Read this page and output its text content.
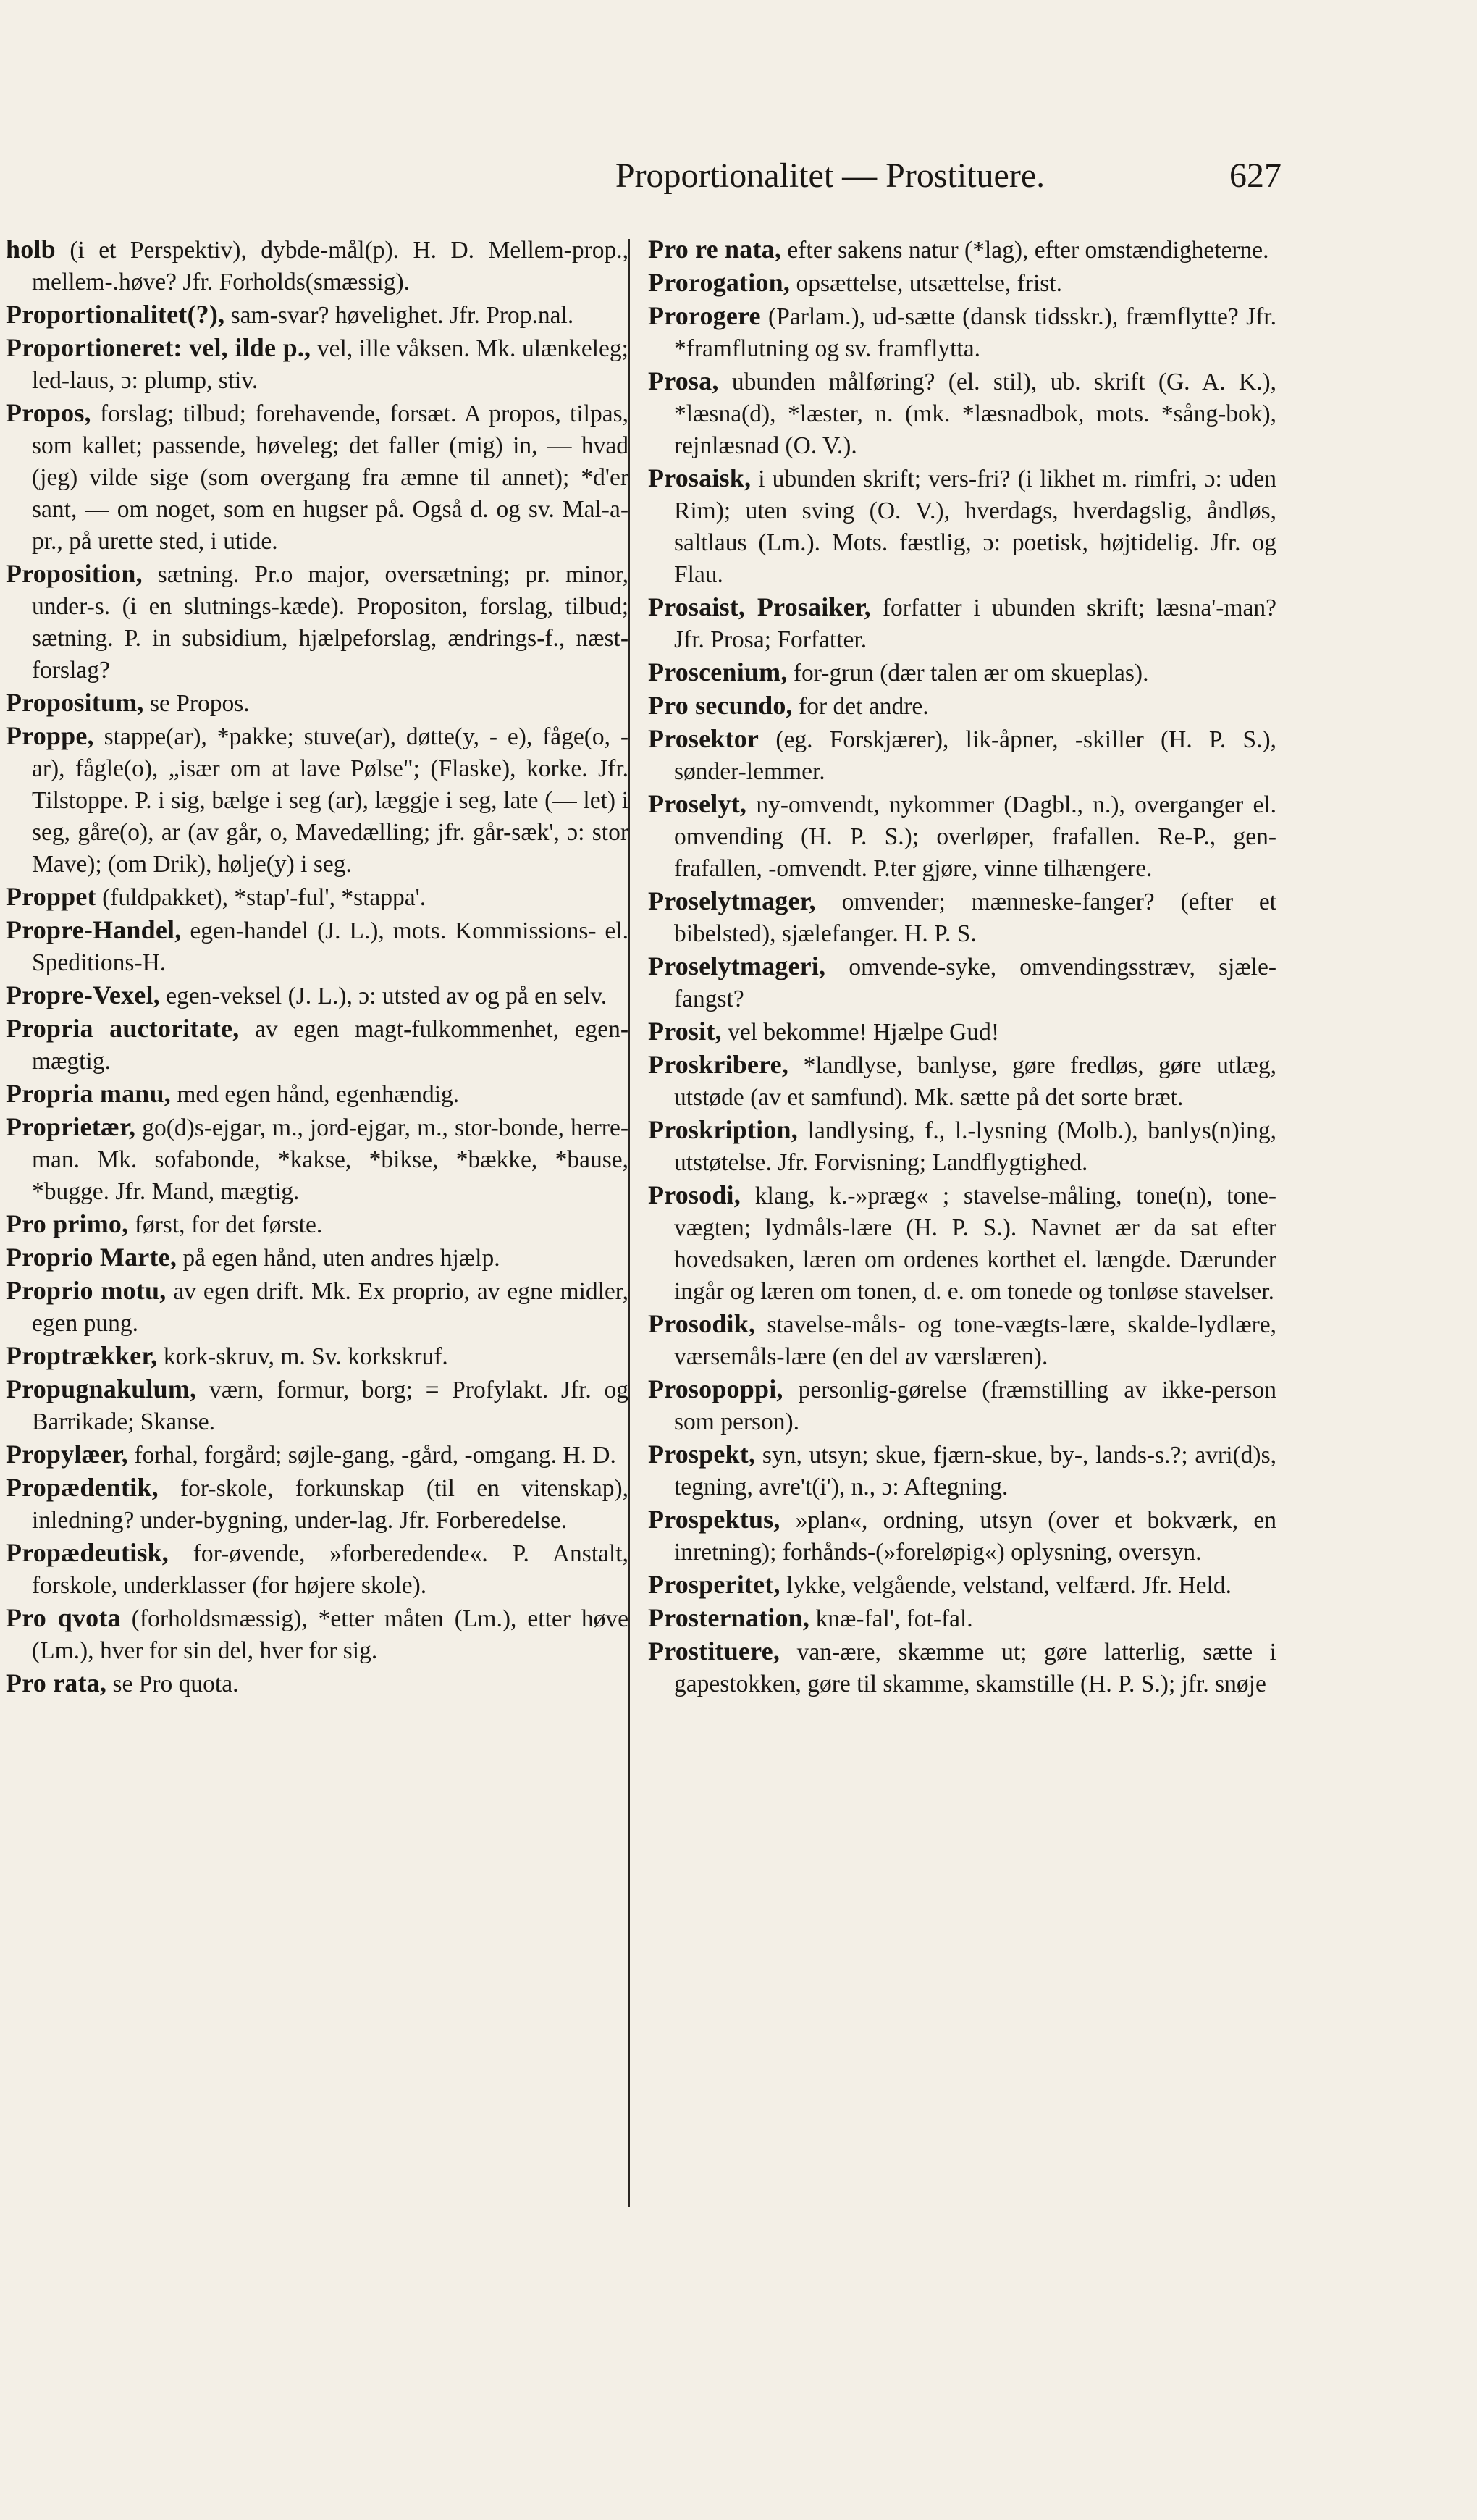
Proportionalitet — Prostituere.	627
holb (i et Perspektiv), dybde-mål(p). H. D. Mellem-prop., mellem-.høve? Jfr. Forholds(smæssig).
Proportionalitet(?), sam-svar? høvelighet. Jfr. Prop.nal.
Proportioneret: vel, ilde p., vel, ille våksen. Mk. ulænkeleg; led-laus, ɔ: plump, stiv.
Propos, forslag; tilbud; forehavende, forsæt. A propos, tilpas, som kallet; passende, høveleg; det faller (mig) in, — hvad (jeg) vilde sige (som overgang fra æmne til annet); *d'er sant, — om noget, som en hugser på. Også d. og sv. Mal-a-pr., på urette sted, i utide.
Proposition, sætning. Pr.o major, oversætning; pr. minor, under-s. (i en slutnings-kæde). Propositon, forslag, tilbud; sætning. P. in subsidium, hjælpeforslag, ændrings-f., næst-forslag?
Propositum, se Propos.
Proppe, stappe(ar), *pakke; stuve(ar), døtte(y, - e), fåge(o, - ar), fågle(o), „især om at lave Pølse"; (Flaske), korke. Jfr. Tilstoppe. P. i sig, bælge i seg (ar), læggje i seg, late (— let) i seg, gåre(o), ar (av går, o, Mavedælling; jfr. går-sæk', ɔ: stor Mave); (om Drik), hølje(y) i seg.
Proppet (fuldpakket), *stap'-ful', *stappa'.
Propre-Handel, egen-handel (J. L.), mots. Kommissions- el. Speditions-H.
Propre-Vexel, egen-veksel (J. L.), ɔ: utsted av og på en selv.
Propria auctoritate, av egen magt-fulkommenhet, egen-mægtig.
Propria manu, med egen hånd, egenhændig.
Proprietær, go(d)s-ejgar, m., jord-ejgar, m., stor-bonde, herre-man. Mk. sofabonde, *kakse, *bikse, *bække, *bause, *bugge. Jfr. Mand, mægtig.
Pro primo, først, for det første.
Proprio Marte, på egen hånd, uten andres hjælp.
Proprio motu, av egen drift. Mk. Ex proprio, av egne midler, egen pung.
Proptrækker, kork-skruv, m. Sv. korkskruf.
Propugnakulum, værn, formur, borg; = Profylakt. Jfr. og Barrikade; Skanse.
Propylæer, forhal, forgård; søjle-gang, -gård, -omgang. H. D.
Propædentik, for-skole, forkunskap (til en vitenskap), inledning? under-bygning, under-lag. Jfr. Forberedelse.
Propædeutisk, for-øvende, »forberedende«. P. Anstalt, forskole, underklasser (for højere skole).
Pro qvota (forholdsmæssig), *etter måten (Lm.), etter høve (Lm.), hver for sin del, hver for sig.
Pro rata, se Pro quota.
Pro re nata, efter sakens natur (*lag), efter omstændigheterne.
Prorogation, opsættelse, utsættelse, frist.
Prorogere (Parlam.), ud-sætte (dansk tidsskr.), fræmflytte? Jfr. *framflutning og sv. framflytta.
Prosa, ubunden målføring? (el. stil), ub. skrift (G. A. K.), *læsna(d), *læster, n. (mk. *læsnadbok, mots. *sång-bok), rejnlæsnad (O. V.).
Prosaisk, i ubunden skrift; vers-fri? (i likhet m. rimfri, ɔ: uden Rim); uten sving (O. V.), hverdags, hverdagslig, åndløs, saltlaus (Lm.). Mots. fæstlig, ɔ: poetisk, højtidelig. Jfr. og Flau.
Prosaist, Prosaiker, forfatter i ubunden skrift; læsna'-man? Jfr. Prosa; Forfatter.
Proscenium, for-grun (dær talen ær om skueplas).
Pro secundo, for det andre.
Prosektor (eg. Forskjærer), lik-åpner, -skiller (H. P. S.), sønder-lemmer.
Proselyt, ny-omvendt, nykommer (Dagbl., n.), overganger el. omvending (H. P. S.); overløper, frafallen. Re-P., gen-frafallen, -omvendt. P.ter gjøre, vinne tilhængere.
Proselytmager, omvender; mænneske-fanger? (efter et bibelsted), sjælefanger. H. P. S.
Proselytmageri, omvende-syke, omvendingsstræv, sjæle-fangst?
Prosit, vel bekomme! Hjælpe Gud!
Proskribere, *landlyse, banlyse, gøre fredløs, gøre utlæg, utstøde (av et samfund). Mk. sætte på det sorte bræt.
Proskription, landlysing, f., l.-lysning (Molb.), banlys(n)ing, utstøtelse. Jfr. Forvisning; Landflygtighed.
Prosodi, klang, k.-»præg« ; stavelse-måling, tone(n), tone-vægten; lydmåls-lære (H. P. S.). Navnet ær da sat efter hovedsaken, læren om ordenes korthet el. længde. Dærunder ingår og læren om tonen, d. e. om tonede og tonløse stavelser.
Prosodik, stavelse-måls- og tone-vægts-lære, skalde-lydlære, værsemåls-lære (en del av værslæren).
Prosopoppi, personlig-gørelse (fræmstilling av ikke-person som person).
Prospekt, syn, utsyn; skue, fjærn-skue, by-, lands-s.?; avri(d)s, tegning, avre't(i'), n., ɔ: Aftegning.
Prospektus, »plan«, ordning, utsyn (over et bokværk, en inretning); forhånds-(»foreløpig«) oplysning, oversyn.
Prosperitet, lykke, velgående, velstand, velfærd. Jfr. Held.
Prosternation, knæ-fal', fot-fal.
Prostituere, van-ære, skæmme ut; gøre latterlig, sætte i gapestokken, gøre til skamme, skamstille (H. P. S.); jfr. snøje
